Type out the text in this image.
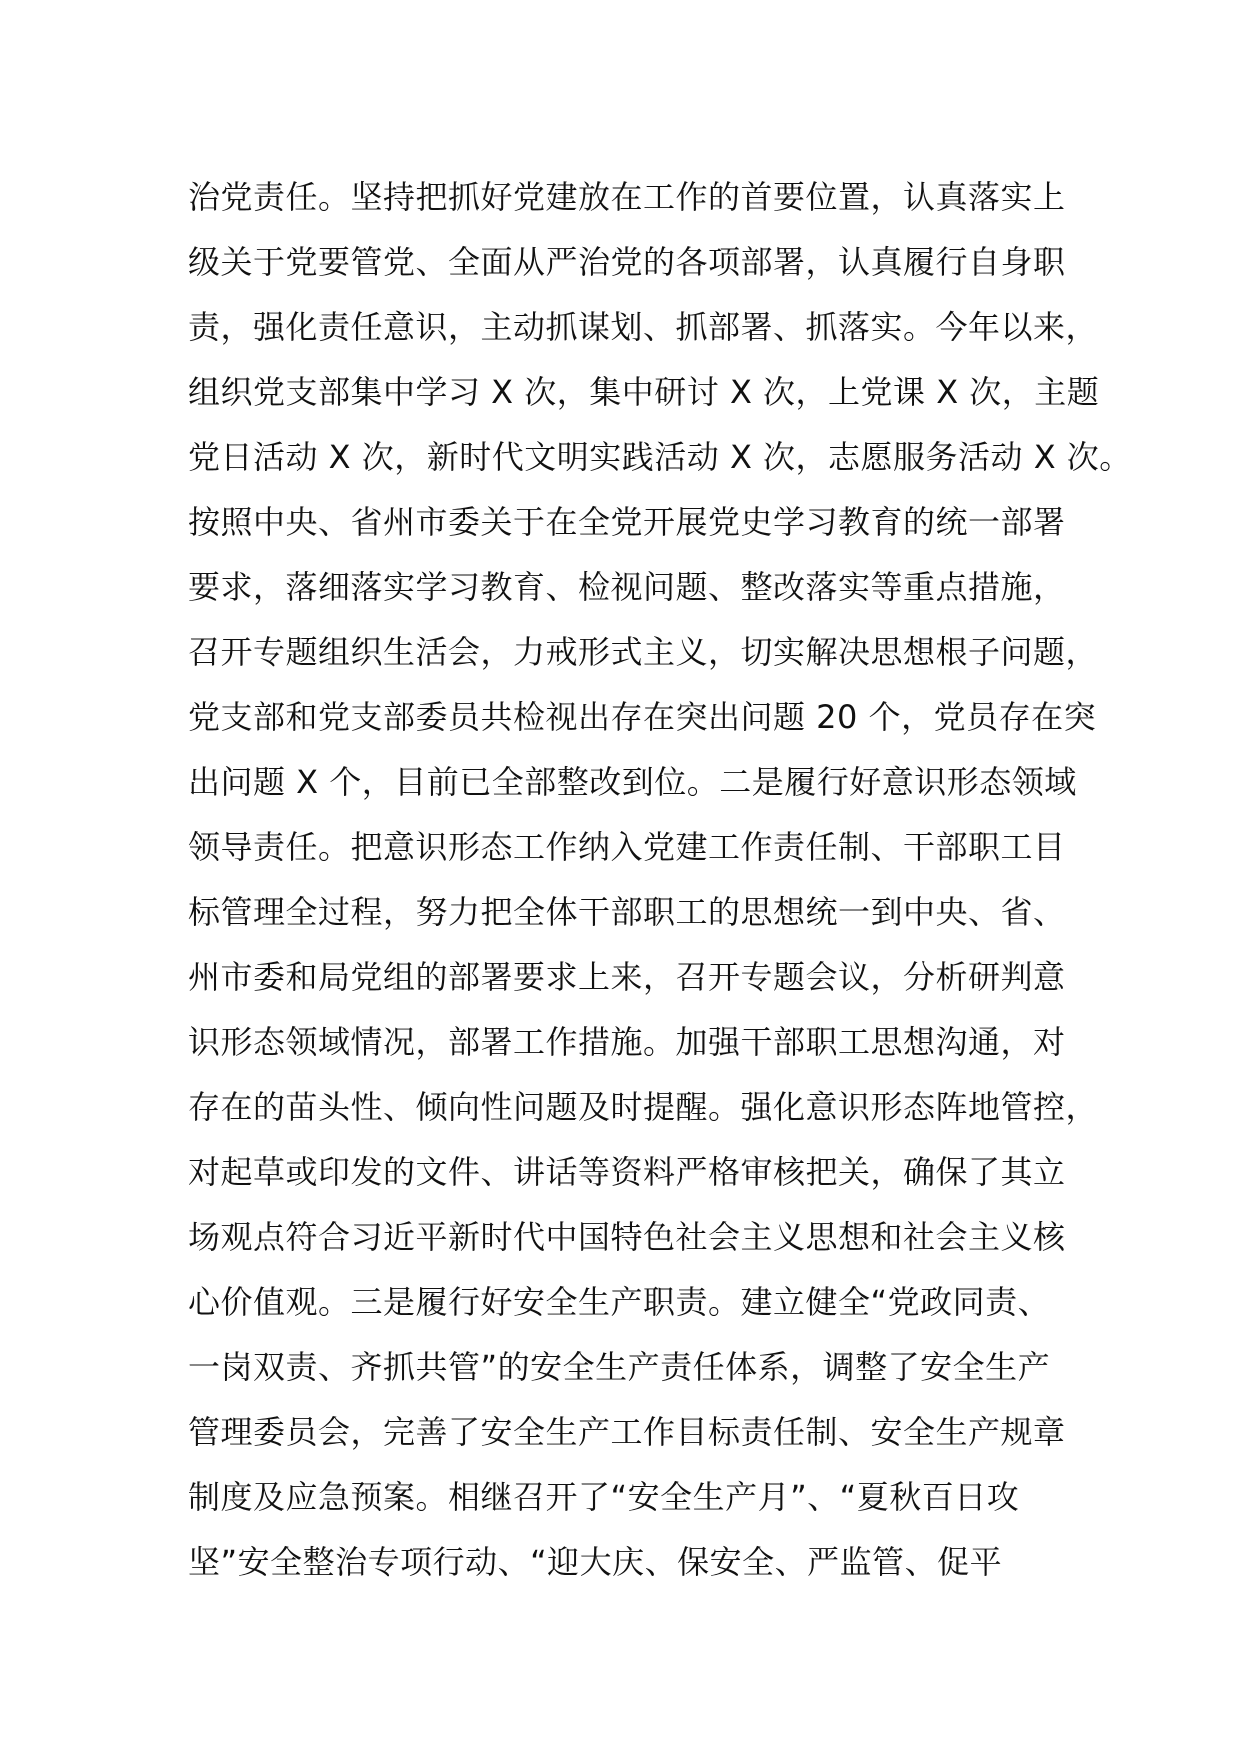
治党责任。坚持把抓好党建放在工作的首要位置，认真落实上
级关于党要管党、全面从严治党的各项部署，认真履行自身职
责，强化责任意识，主动抓谋划、抓部署、抓落实。今年以来，
组织党支部集中学习 X 次，集中研讨 X 次，上党课 X 次，主题
党日活动 X 次，新时代文明实践活动 X 次，志愿服务活动 X 次。
按照中央、省州市委关于在全党开展党史学习教育的统一部署
要求，落细落实学习教育、检视问题、整改落实等重点措施，
召开专题组织生活会，力戒形式主义，切实解决思想根子问题，
党支部和党支部委员共检视出存在突出问题 20 个，党员存在突
出问题 X 个，目前已全部整改到位。二是履行好意识形态领域
领导责任。把意识形态工作纳入党建工作责任制、干部职工目
标管理全过程，努力把全体干部职工的思想统一到中央、省、
州市委和局党组的部署要求上来，召开专题会议，分析研判意
识形态领域情况，部署工作措施。加强干部职工思想沟通，对
存在的苗头性、倾向性问题及时提醒。强化意识形态阵地管控，
对起草或印发的文件、讲话等资料严格审核把关，确保了其立
场观点符合习近平新时代中国特色社会主义思想和社会主义核
心价值观。三是履行好安全生产职责。建立健全“党政同责、
一岗双责、齐抓共管”的安全生产责任体系，调整了安全生产
管理委员会，完善了安全生产工作目标责任制、安全生产规章
制度及应急预案。相继召开了“安全生产月”、“夏秋百日攻
坚”安全整治专项行动、“迎大庆、保安全、严监管、促平
